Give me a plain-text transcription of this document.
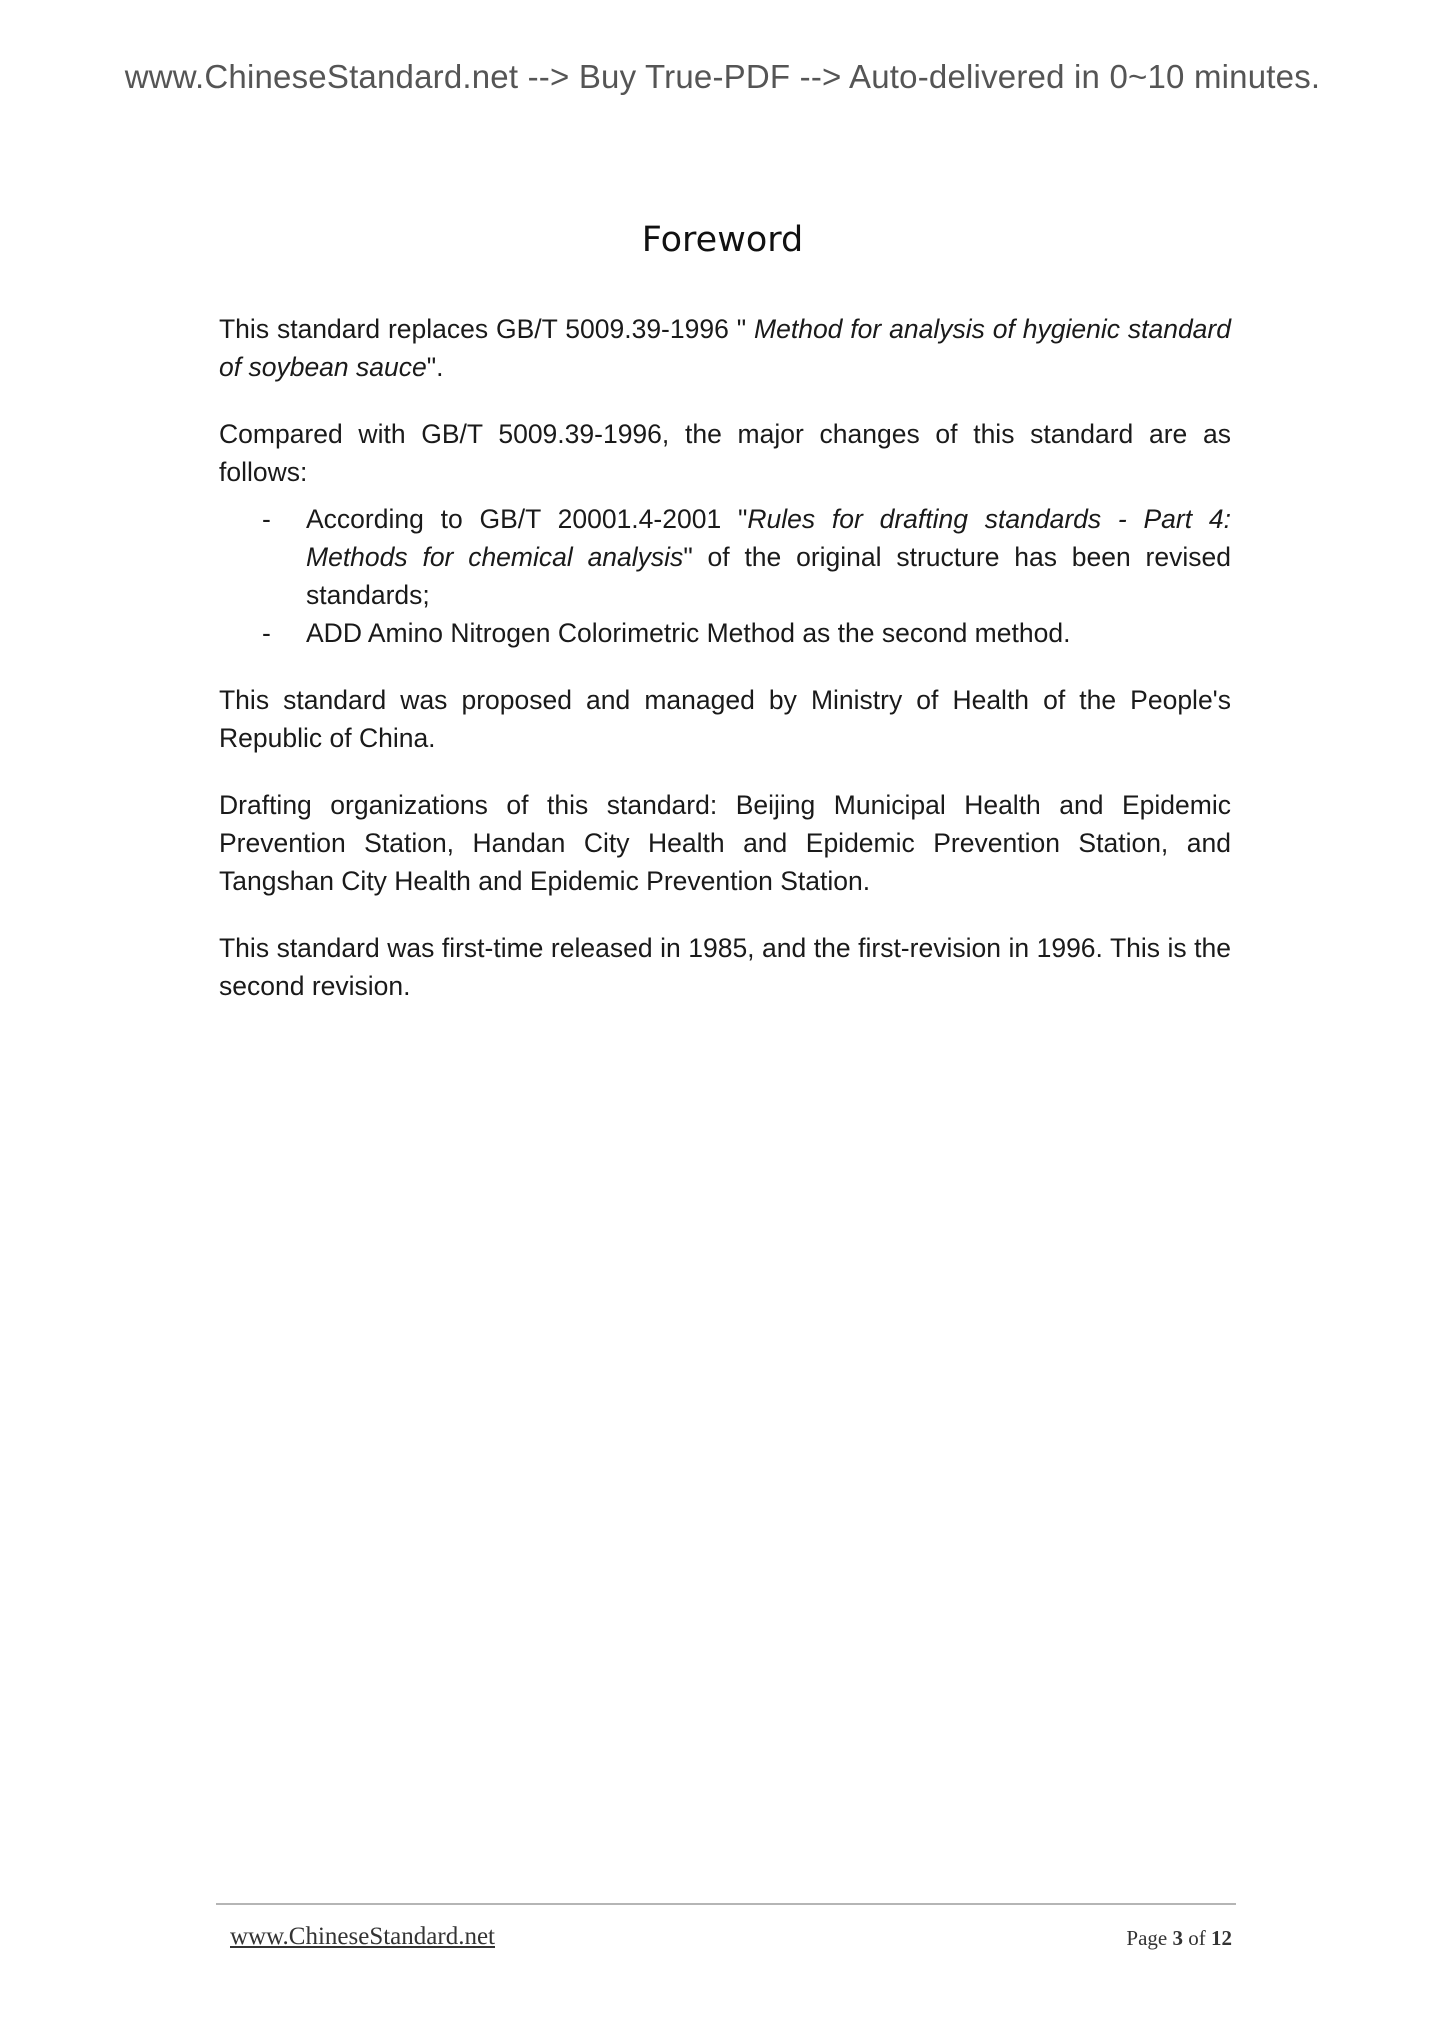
www.ChineseStandard.net --> Buy True-PDF --> Auto-delivered in 0~10 minutes.
Foreword

This standard replaces GB/T 5009.39-1996 " Method for analysis of hygienic standard of soybean sauce".

Compared with GB/T 5009.39-1996, the major changes of this standard are as follows:

- According to GB/T 20001.4-2001 "Rules for drafting standards - Part 4: Methods for chemical analysis" of the original structure has been revised standards;
- ADD Amino Nitrogen Colorimetric Method as the second method.

This standard was proposed and managed by Ministry of Health of the People's Republic of China.

Drafting organizations of this standard: Beijing Municipal Health and Epidemic Prevention Station, Handan City Health and Epidemic Prevention Station, and Tangshan City Health and Epidemic Prevention Station.

This standard was first-time released in 1985, and the first-revision in 1996. This is the second revision.

www.ChineseStandard.net	Page 3 of 12
